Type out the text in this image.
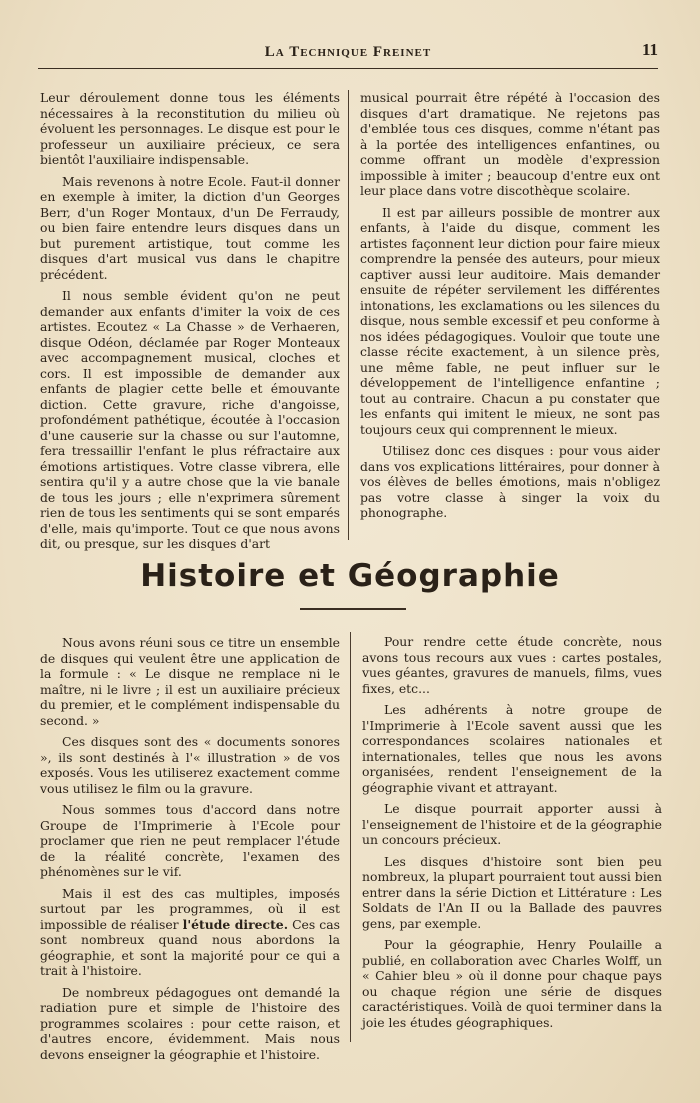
La Technique Freinet	11

Leur déroulement donne tous les éléments nécessaires à la reconstitution du milieu où évoluent les personnages. Le disque est pour le professeur un auxiliaire précieux, ce sera bientôt l'auxiliaire indispensable.

Mais revenons à notre Ecole. Faut-il donner en exemple à imiter, la diction d'un Georges Berr, d'un Roger Montaux, d'un De Ferraudy, ou bien faire entendre leurs disques dans un but purement artistique, tout comme les disques d'art musical vus dans le chapitre précédent.

Il nous semble évident qu'on ne peut demander aux enfants d'imiter la voix de ces artistes. Ecoutez « La Chasse » de Verhaeren, disque Odéon, déclamée par Roger Monteaux avec accompagnement musical, cloches et cors. Il est impossible de demander aux enfants de plagier cette belle et émouvante diction. Cette gravure, riche d'angoisse, profondément pathétique, écoutée à l'occasion d'une causerie sur la chasse ou sur l'automne, fera tressaillir l'enfant le plus réfractaire aux émotions artistiques. Votre classe vibrera, elle sentira qu'il y a autre chose que la vie banale de tous les jours ; elle n'exprimera sûrement rien de tous les sentiments qui se sont emparés d'elle, mais qu'importe. Tout ce que nous avons dit, ou presque, sur les disques d'art

musical pourrait être répété à l'occasion des disques d'art dramatique. Ne rejetons pas d'emblée tous ces disques, comme n'étant pas à la portée des intelligences enfantines, ou comme offrant un modèle d'expression impossible à imiter ; beaucoup d'entre eux ont leur place dans votre discothèque scolaire.

Il est par ailleurs possible de montrer aux enfants, à l'aide du disque, comment les artistes façonnent leur diction pour faire mieux comprendre la pensée des auteurs, pour mieux captiver aussi leur auditoire. Mais demander ensuite de répéter servilement les différentes intonations, les exclamations ou les silences du disque, nous semble excessif et peu conforme à nos idées pédagogiques. Vouloir que toute une classe récite exactement, à un silence près, une même fable, ne peut influer sur le développement de l'intelligence enfantine ; tout au contraire. Chacun a pu constater que les enfants qui imitent le mieux, ne sont pas toujours ceux qui comprennent le mieux.

Utilisez donc ces disques : pour vous aider dans vos explications littéraires, pour donner à vos élèves de belles émotions, mais n'obligez pas votre classe à singer la voix du phonographe.

Histoire et Géographie

Nous avons réuni sous ce titre un ensemble de disques qui veulent être une application de la formule : « Le disque ne remplace ni le maître, ni le livre ; il est un auxiliaire précieux du premier, et le complément indispensable du second. »

Ces disques sont des « documents sonores », ils sont destinés à l'« illustration » de vos exposés. Vous les utiliserez exactement comme vous utilisez le film ou la gravure.

Nous sommes tous d'accord dans notre Groupe de l'Imprimerie à l'Ecole pour proclamer que rien ne peut remplacer l'étude de la réalité concrète, l'examen des phénomènes sur le vif.

Mais il est des cas multiples, imposés surtout par les programmes, où il est impossible de réaliser l'étude directe. Ces cas sont nombreux quand nous abordons la géographie, et sont la majorité pour ce qui a trait à l'histoire.

De nombreux pédagogues ont demandé la radiation pure et simple de l'histoire des programmes scolaires : pour cette raison, et d'autres encore, évidemment. Mais nous devons enseigner la géographie et l'histoire.

Pour rendre cette étude concrète, nous avons tous recours aux vues : cartes postales, vues géantes, gravures de manuels, films, vues fixes, etc...

Les adhérents à notre groupe de l'Imprimerie à l'Ecole savent aussi que les correspondances scolaires nationales et internationales, telles que nous les avons organisées, rendent l'enseignement de la géographie vivant et attrayant.

Le disque pourrait apporter aussi à l'enseignement de l'histoire et de la géographie un concours précieux.

Les disques d'histoire sont bien peu nombreux, la plupart pourraient tout aussi bien entrer dans la série Diction et Littérature : Les Soldats de l'An II ou la Ballade des pauvres gens, par exemple.

Pour la géographie, Henry Poulaille a publié, en collaboration avec Charles Wolff, un « Cahier bleu » où il donne pour chaque pays ou chaque région une série de disques caractéristiques. Voilà de quoi terminer dans la joie les études géographiques.
